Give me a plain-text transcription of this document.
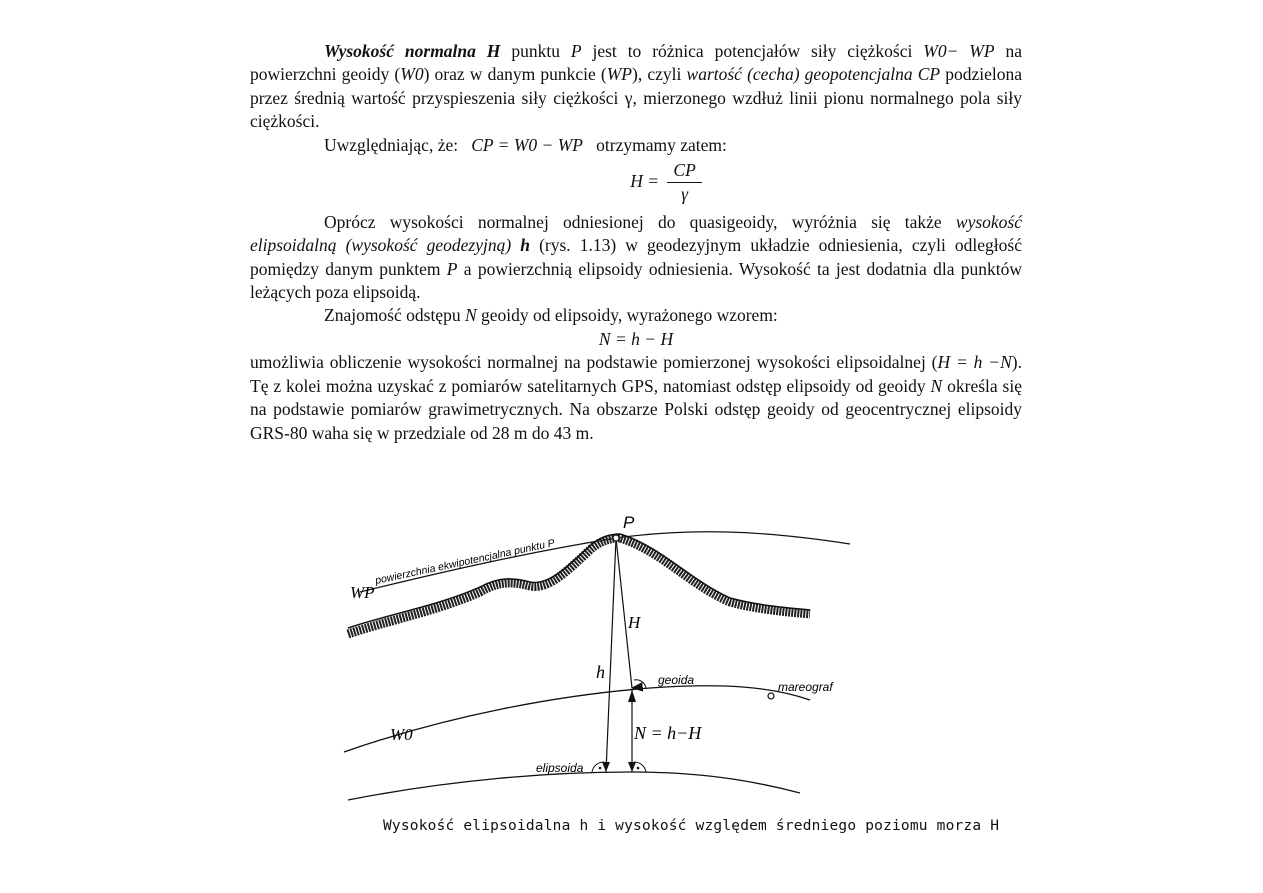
Wysokość normalna H punktu P jest to różnica potencjałów siły ciężkości W0− WP na powierzchni geoidy (W0) oraz w danym punkcie (WP), czyli wartość (cecha) geopotencjalna CP podzielona przez średnią wartość przyspieszenia siły ciężkości γ, mierzonego wzdłuż linii pionu normalnego pola siły ciężkości.

Uwzględniając, że: CP = W0 − WP otrzymamy zatem:

$H = \frac{CP}{\gamma}$

Oprócz wysokości normalnej odniesionej do quasigeoidy, wyróżnia się także wysokość elipsoidalną (wysokość geodezyjną) h (rys. 1.13) w geodezyjnym układzie odniesienia, czyli odległość pomiędzy danym punktem P a powierzchnią elipsoidy odniesienia. Wysokość ta jest dodatnia dla punktów leżących poza elipsoidą.

Znajomość odstępu N geoidy od elipsoidy, wyrażonego wzorem:

N = h − H

umożliwia obliczenie wysokości normalnej na podstawie pomierzonej wysokości elipsoidalnej (H = h −N). Tę z kolei można uzyskać z pomiarów satelitarnych GPS, natomiast odstęp elipsoidy od geoidy N określa się na podstawie pomiarów grawimetrycznych. Na obszarze Polski odstęp geoidy od geocentrycznej elipsoidy GRS-80 waha się w przedziale od 28 m do 43 m.

P
powierzchnia ekwipotencjalna punktu P
WP
H
h	geoida	mareograf
W0	N = h−H
elipsoida
Wysokość elipsoidalna h i wysokość względem średniego poziomu morza H
